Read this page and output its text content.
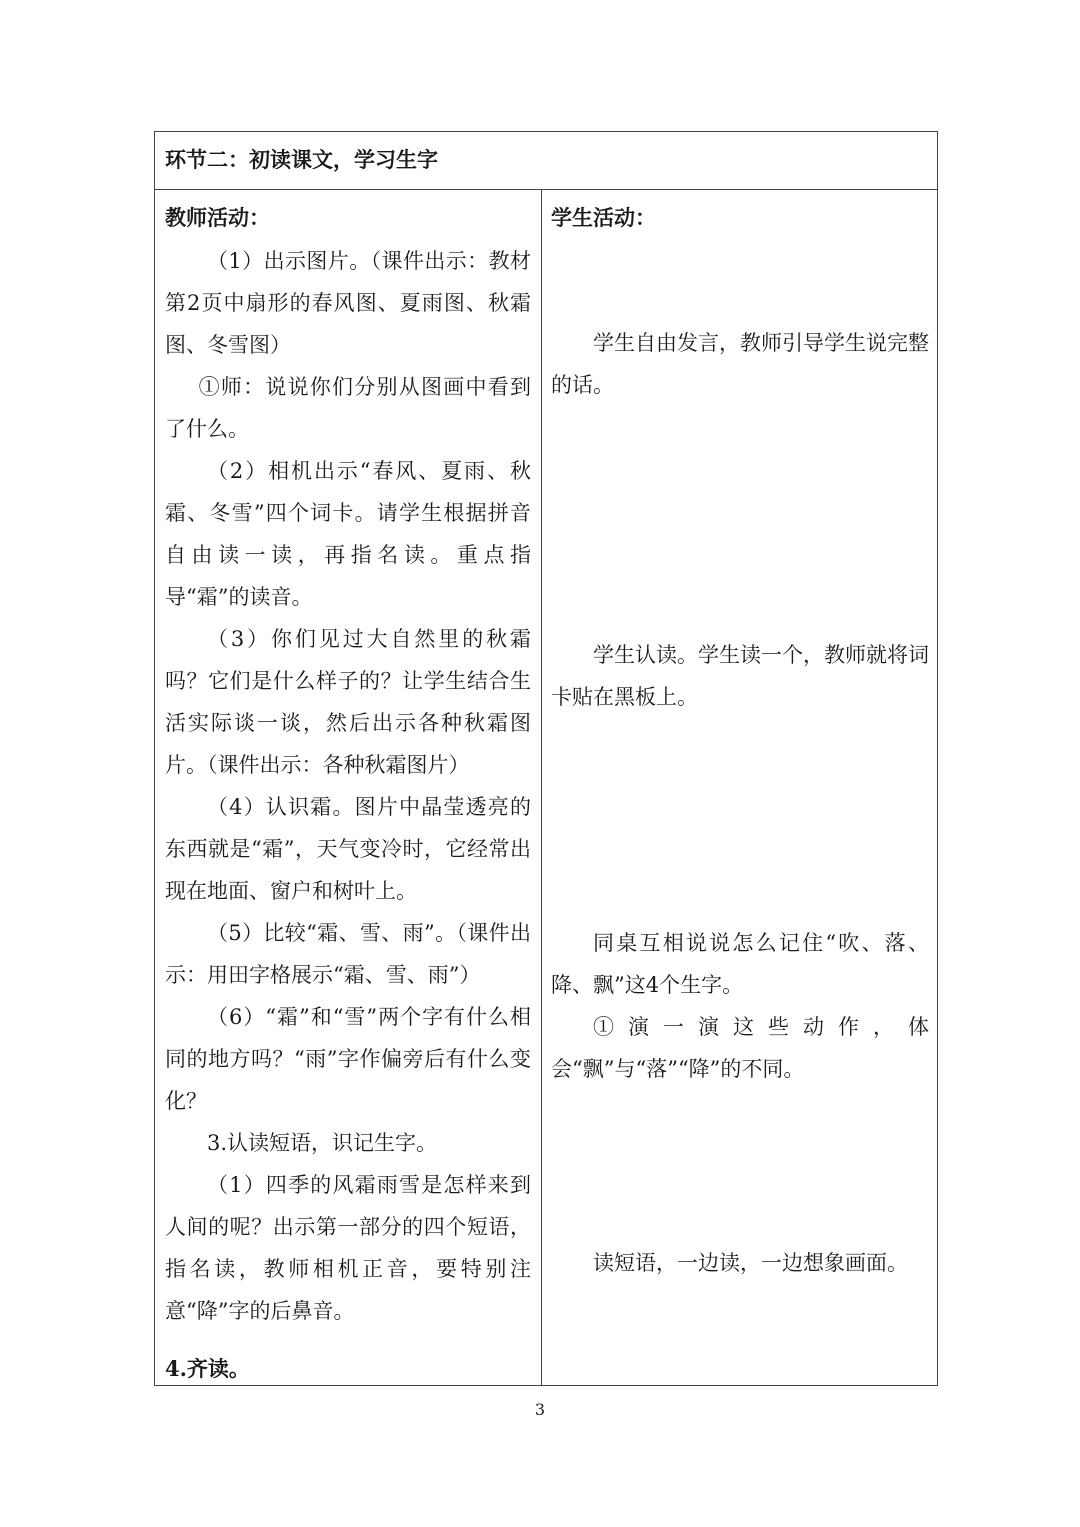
环节二：初读课文，学习生字
教师活动：

（1）出示图片。（课件出示：教材第2页中扇形的春风图、夏雨图、秋霜图、冬雪图）

①师：说说你们分别从图画中看到了什么。

（2）相机出示“春风、夏雨、秋霜、冬雪”四个词卡。请学生根据拼音自由读一读，再指名读。重点指导“霜”的读音。

（3）你们见过大自然里的秋霜吗？它们是什么样子的？让学生结合生活实际谈一谈，然后出示各种秋霜图片。（课件出示：各种秋霜图片）

（4）认识霜。图片中晶莹透亮的东西就是“霜”，天气变冷时，它经常出现在地面、窗户和树叶上。

（5）比较“霜、雪、雨”。（课件出示：用田字格展示“霜、雪、雨”）

（6）“霜”和“雪”两个字有什么相同的地方吗？“雨”字作偏旁后有什么变化？

3.认读短语，识记生字。

（1）四季的风霜雨雪是怎样来到人间的呢？出示第一部分的四个短语，指名读，教师相机正音，要特别注意“降”字的后鼻音。

4.齐读。

学生活动：

学生自由发言，教师引导学生说完整的话。

学生认读。学生读一个，教师就将词卡贴在黑板上。

同桌互相说说怎么记住“吹、落、降、飘”这4个生字。

①演一演这些动作，体会“飘”与“落”“降”的不同。

读短语，一边读，一边想象画面。

3
